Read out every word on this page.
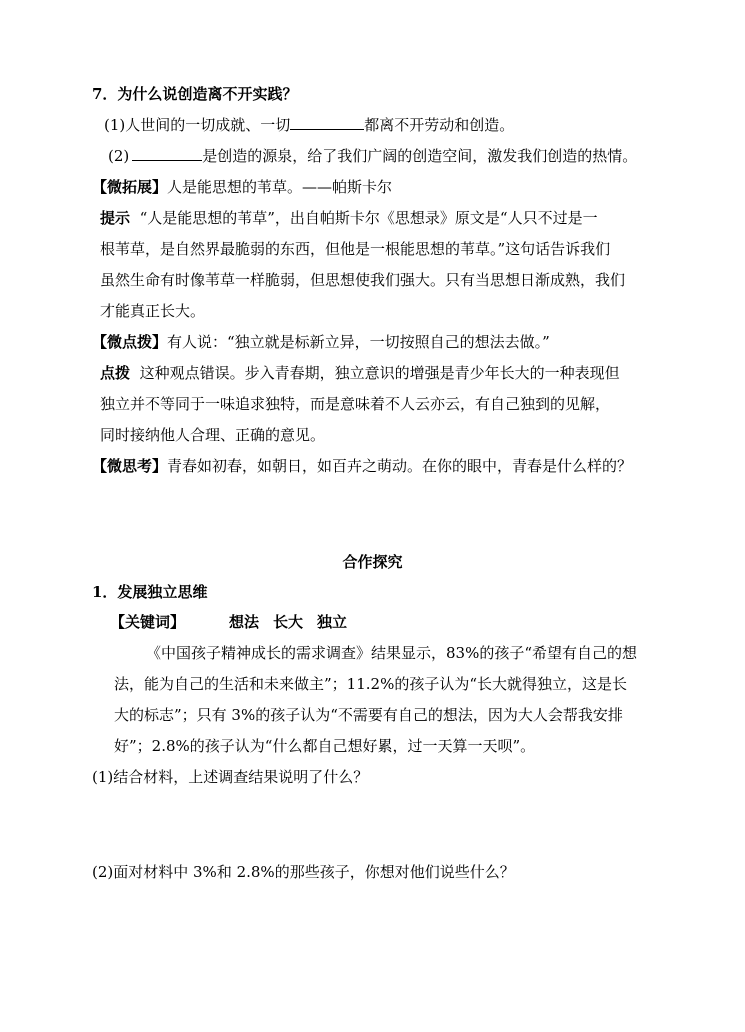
7．为什么说创造离不开实践？
(1)人世间的一切成就、一切	都离不开劳动和创造。
(2)	是创造的源泉，给了我们广阔的创造空间，激发我们创造的热情。
【微拓展】人是能思想的苇草。——帕斯卡尔
提示 “人是能思想的苇草”，出自帕斯卡尔《思想录》原文是“人只不过是一
根苇草，是自然界最脆弱的东西，但他是一根能思想的苇草。”这句话告诉我们
虽然生命有时像苇草一样脆弱，但思想使我们强大。只有当思想日渐成熟，我们
才能真正长大。
【微点拨】有人说：“独立就是标新立异，一切按照自己的想法去做。”
点拨 这种观点错误。步入青春期，独立意识的增强是青少年长大的一种表现但
独立并不等同于一味追求独特，而是意味着不人云亦云，有自己独到的见解，
同时接纳他人合理、正确的意见。
【微思考】青春如初春，如朝日，如百卉之萌动。在你的眼中，青春是什么样的？
合作探究
1．发展独立思维
【关键词】	想法 长大 独立
《中国孩子精神成长的需求调查》结果显示，83%的孩子“希望有自己的想
法，能为自己的生活和未来做主”；11.2%的孩子认为“长大就得独立，这是长
大的标志”；只有 3%的孩子认为“不需要有自己的想法，因为大人会帮我安排
好”；2.8%的孩子认为“什么都自己想好累，过一天算一天呗”。
(1)结合材料，上述调查结果说明了什么？
(2)面对材料中 3%和 2.8%的那些孩子，你想对他们说些什么？
